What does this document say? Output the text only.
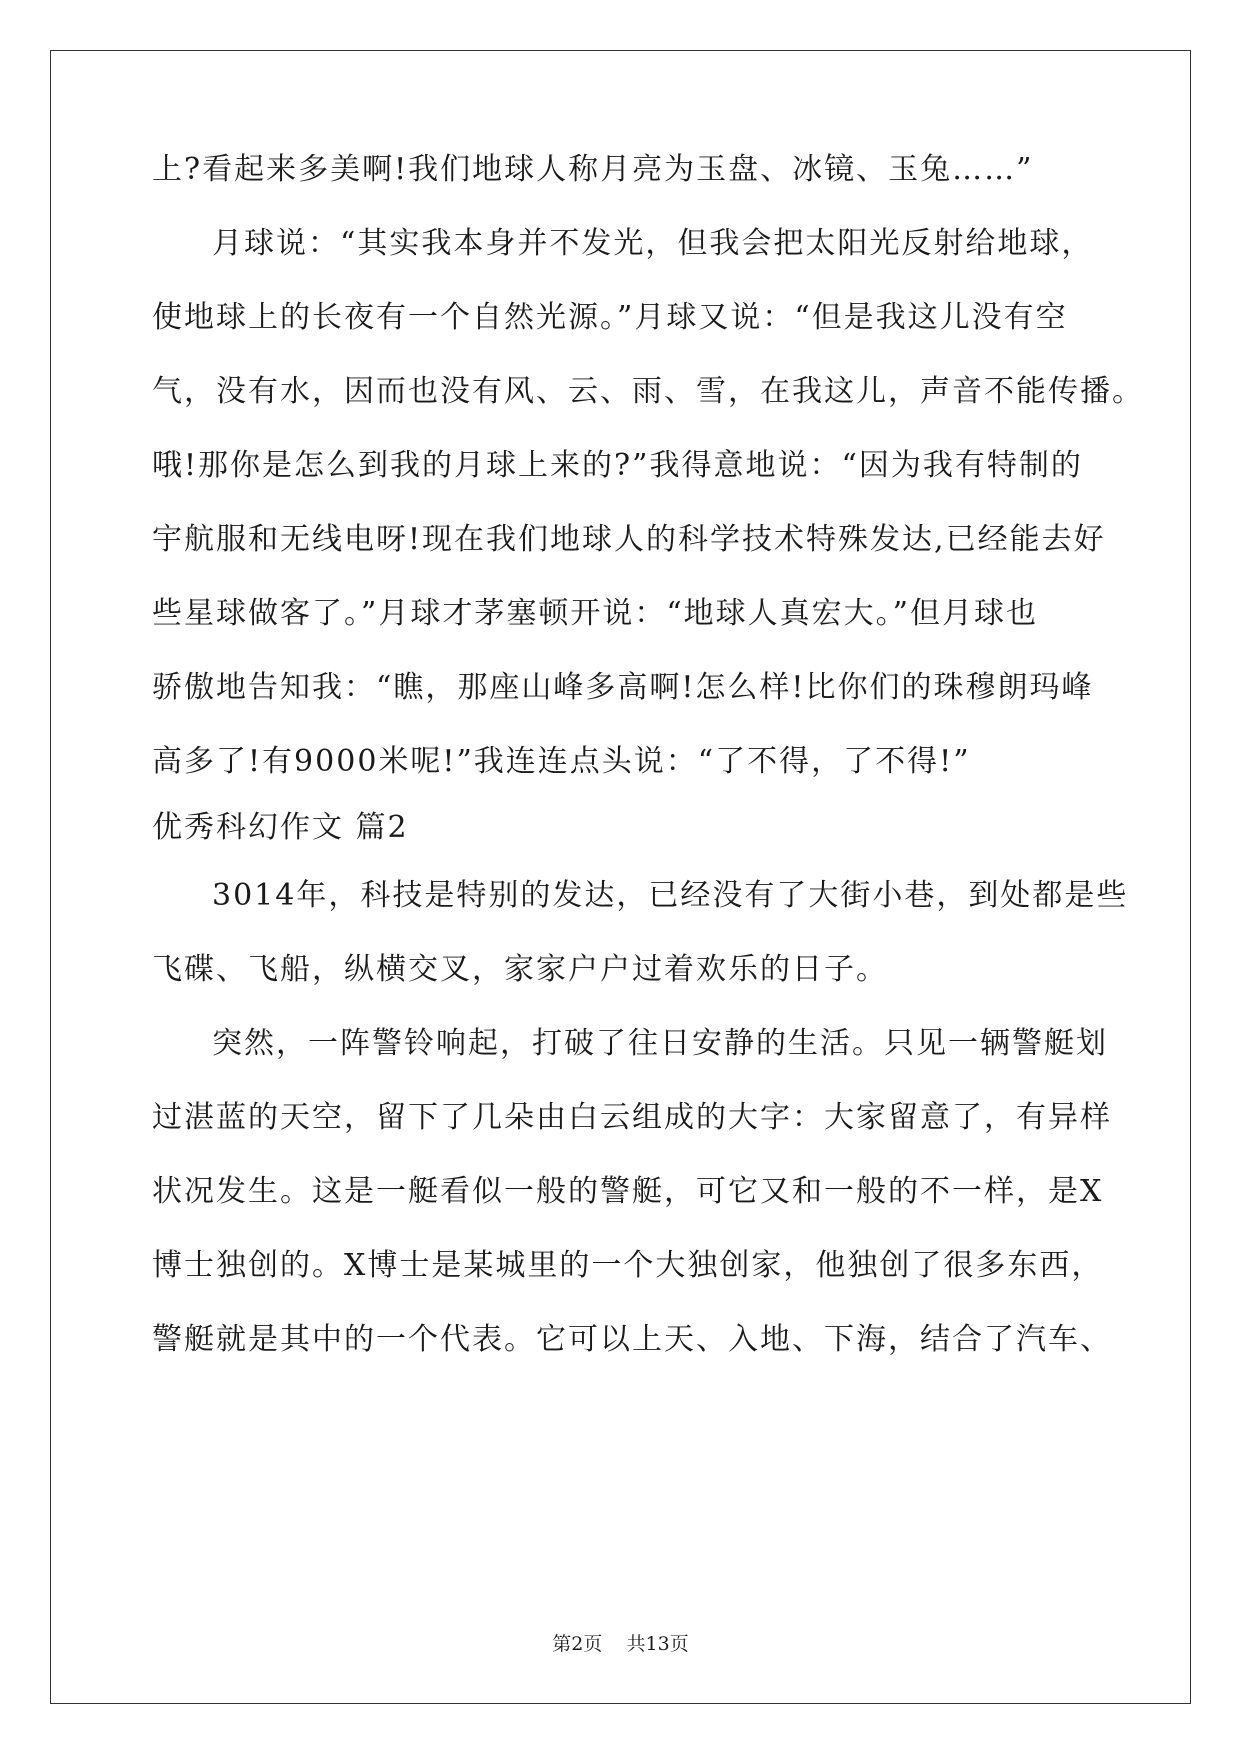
上?看起来多美啊!我们地球人称月亮为玉盘、冰镜、玉兔……”
月球说：“其实我本身并不发光，但我会把太阳光反射给地球，
使地球上的长夜有一个自然光源。”月球又说：“但是我这儿没有空
气，没有水，因而也没有风、云、雨、雪，在我这儿，声音不能传播。
哦!那你是怎么到我的月球上来的?”我得意地说：“因为我有特制的
宇航服和无线电呀!现在我们地球人的科学技术特殊发达,已经能去好
些星球做客了。”月球才茅塞顿开说：“地球人真宏大。”但月球也
骄傲地告知我：“瞧，那座山峰多高啊!怎么样!比你们的珠穆朗玛峰
高多了!有9000米呢!”我连连点头说：“了不得，了不得!”
优秀科幻作文 篇2
3014年，科技是特别的发达，已经没有了大街小巷，到处都是些
飞碟、飞船，纵横交叉，家家户户过着欢乐的日子。
突然，一阵警铃响起，打破了往日安静的生活。只见一辆警艇划
过湛蓝的天空，留下了几朵由白云组成的大字：大家留意了，有异样
状况发生。这是一艇看似一般的警艇，可它又和一般的不一样，是X
博士独创的。X博士是某城里的一个大独创家，他独创了很多东西，
警艇就是其中的一个代表。它可以上天、入地、下海，结合了汽车、
第2页 共13页
